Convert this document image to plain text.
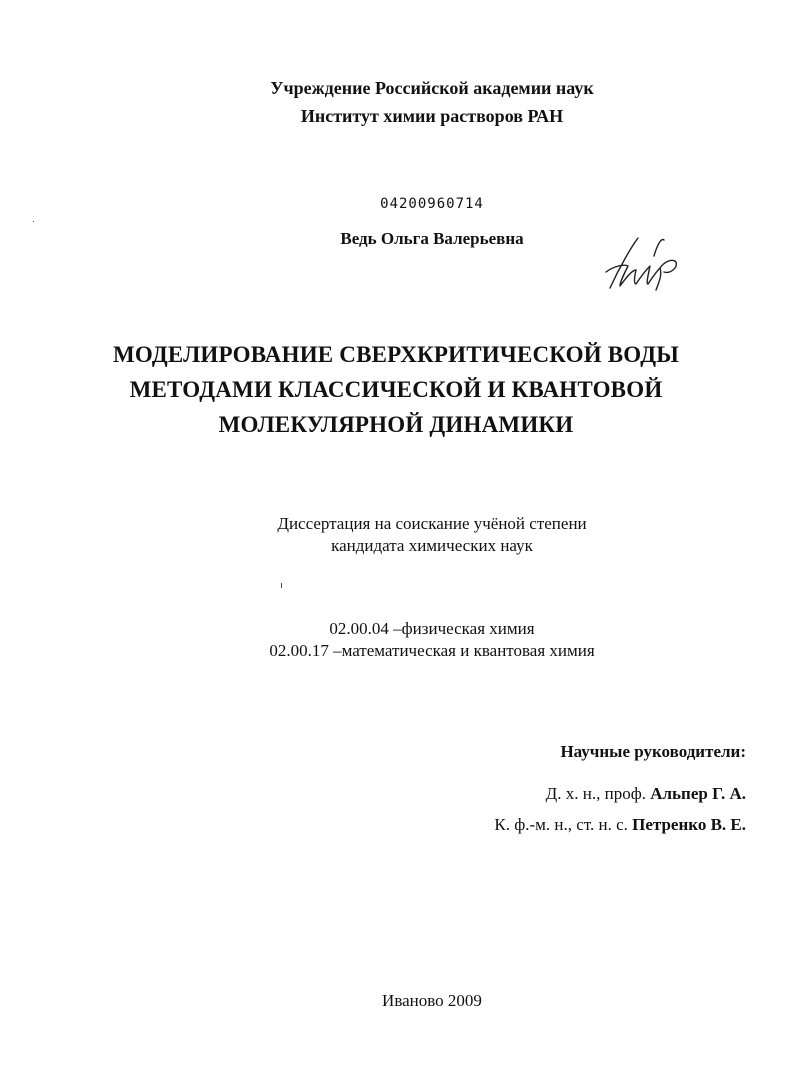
Учреждение Российской академии наук
Институт химии растворов РАН
04200960714
Ведь Ольга Валерьевна
МОДЕЛИРОВАНИЕ СВЕРХКРИТИЧЕСКОЙ ВОДЫ
МЕТОДАМИ КЛАССИЧЕСКОЙ И КВАНТОВОЙ
МОЛЕКУЛЯРНОЙ ДИНАМИКИ
Диссертация на соискание учёной степени
кандидата химических наук
02.00.04 –физическая химия
02.00.17 –математическая и квантовая химия
Научные руководители:
Д. х. н., проф. Альпер Г. А.
К. ф.-м. н., ст. н. с. Петренко В. Е.
Иваново 2009
